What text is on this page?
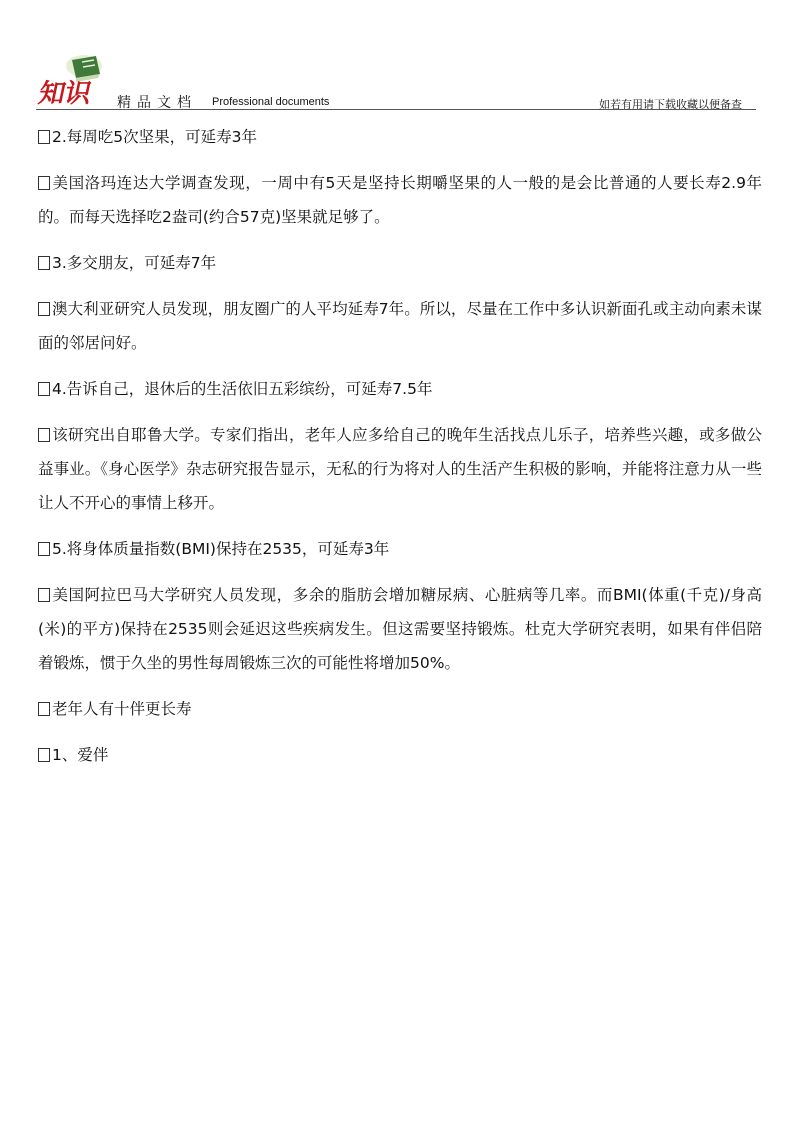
知识 精品文档 Professional documents	如若有用请下载收藏以便备查

2.每周吃5次坚果，可延寿3年

美国洛玛连达大学调查发现，一周中有5天是坚持长期嚼坚果的人一般的是会比普通的人要长寿2.9年的。而每天选择吃2盎司(约合57克)坚果就足够了。

3.多交朋友，可延寿7年

澳大利亚研究人员发现，朋友圈广的人平均延寿7年。所以，尽量在工作中多认识新面孔或主动向素未谋面的邻居问好。

4.告诉自己，退休后的生活依旧五彩缤纷，可延寿7.5年

该研究出自耶鲁大学。专家们指出，老年人应多给自己的晚年生活找点儿乐子，培养些兴趣，或多做公益事业。《身心医学》杂志研究报告显示，无私的行为将对人的生活产生积极的影响，并能将注意力从一些让人不开心的事情上移开。

5.将身体质量指数(BMI)保持在2535，可延寿3年

美国阿拉巴马大学研究人员发现，多余的脂肪会增加糖尿病、心脏病等几率。而BMI(体重(千克)/身高(米)的平方)保持在2535则会延迟这些疾病发生。但这需要坚持锻炼。杜克大学研究表明，如果有伴侣陪着锻炼，惯于久坐的男性每周锻炼三次的可能性将增加50%。

老年人有十伴更长寿

1、爱伴
